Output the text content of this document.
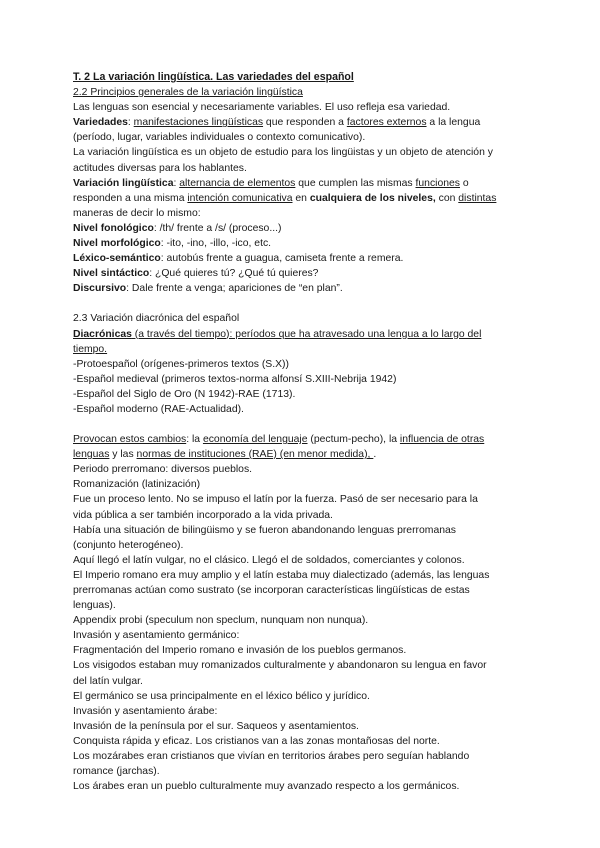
T. 2 La variación lingüística. Las variedades del español
2.2 Principios generales de la variación lingüística
Las lenguas son esencial y necesariamente variables. El uso refleja esa variedad.
Variedades: manifestaciones lingüísticas que responden a factores externos a la lengua
(período, lugar, variables individuales o contexto comunicativo).
La variación lingüística es un objeto de estudio para los lingüistas y un objeto de atención y
actitudes diversas para los hablantes.
Variación lingüística: alternancia de elementos que cumplen las mismas funciones o
responden a una misma intención comunicativa en cualquiera de los niveles, con distintas
maneras de decir lo mismo:
Nivel fonológico: /th/ frente a /s/ (proceso...)
Nivel morfológico: -ito, -ino, -illo, -ico, etc.
Léxico-semántico: autobús frente a guagua, camiseta frente a remera.
Nivel sintáctico: ¿Qué quieres tú? ¿Qué tú quieres?
Discursivo: Dale frente a venga; apariciones de “en plan”.
2.3 Variación diacrónica del español
Diacrónicas (a través del tiempo): períodos que ha atravesado una lengua a lo largo del
tiempo.
-Protoespañol (orígenes-primeros textos (S.X))
-Español medieval (primeros textos-norma alfonsí S.XIII-Nebrija 1942)
-Español del Siglo de Oro (N 1942)-RAE (1713).
-Español moderno (RAE-Actualidad).
Provocan estos cambios: la economía del lenguaje (pectum-pecho), la influencia de otras
lenguas y las normas de instituciones (RAE) (en menor medida), .
Periodo prerromano: diversos pueblos.
Romanización (latinización)
Fue un proceso lento. No se impuso el latín por la fuerza. Pasó de ser necesario para la
vida pública a ser también incorporado a la vida privada.
Había una situación de bilingüismo y se fueron abandonando lenguas prerromanas
(conjunto heterogéneo).
Aquí llegó el latín vulgar, no el clásico. Llegó el de soldados, comerciantes y colonos.
El Imperio romano era muy amplio y el latín estaba muy dialectizado (además, las lenguas
prerromanas actúan como sustrato (se incorporan características lingüísticas de estas
lenguas).
Appendix probi (speculum non speclum, nunquam non nunqua).
Invasión y asentamiento germánico:
Fragmentación del Imperio romano e invasión de los pueblos germanos.
Los visigodos estaban muy romanizados culturalmente y abandonaron su lengua en favor
del latín vulgar.
El germánico se usa principalmente en el léxico bélico y jurídico.
Invasión y asentamiento árabe:
Invasión de la península por el sur. Saqueos y asentamientos.
Conquista rápida y eficaz. Los cristianos van a las zonas montañosas del norte.
Los mozárabes eran cristianos que vivían en territorios árabes pero seguían hablando
romance (jarchas).
Los árabes eran un pueblo culturalmente muy avanzado respecto a los germánicos.
